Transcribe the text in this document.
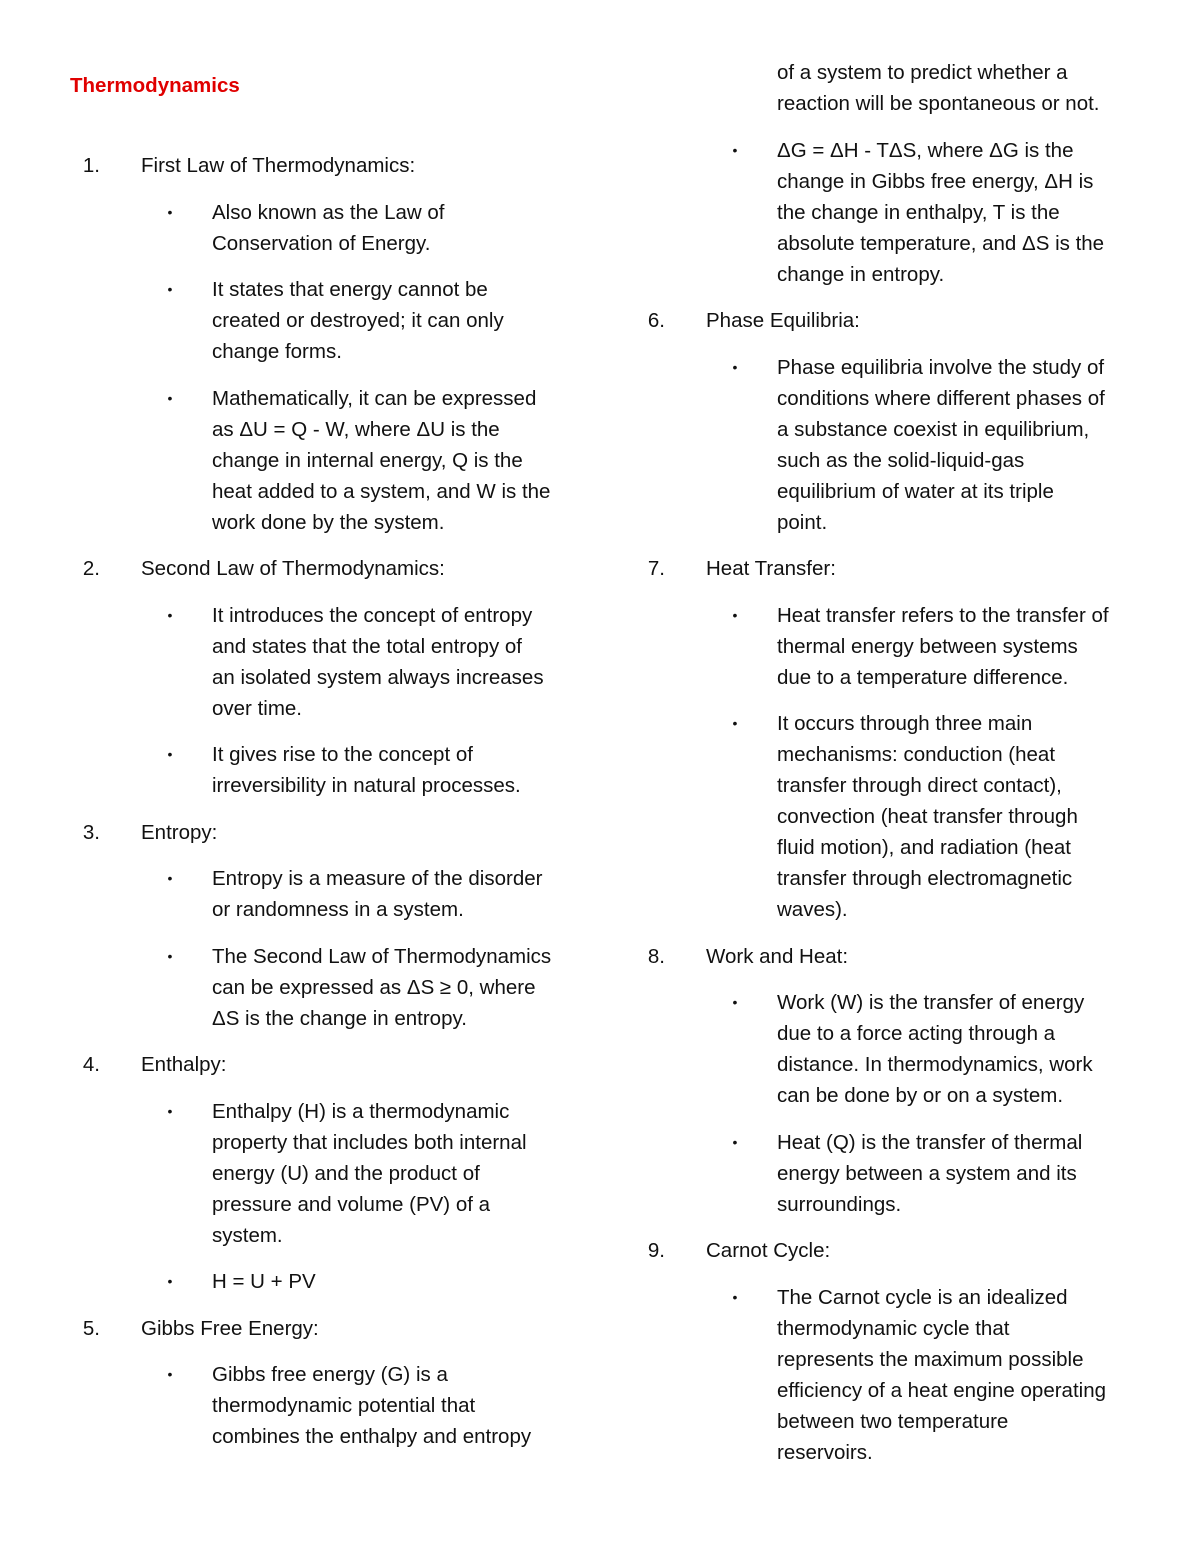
Thermodynamics
1. First Law of Thermodynamics:
• Also known as the Law of
Conservation of Energy.
• It states that energy cannot be
created or destroyed; it can only
change forms.
• Mathematically, it can be expressed
as ΔU = Q - W, where ΔU is the
change in internal energy, Q is the
heat added to a system, and W is the
work done by the system.
2. Second Law of Thermodynamics:
• It introduces the concept of entropy
and states that the total entropy of
an isolated system always increases
over time.
• It gives rise to the concept of
irreversibility in natural processes.
3. Entropy:
• Entropy is a measure of the disorder
or randomness in a system.
• The Second Law of Thermodynamics
can be expressed as ΔS ≥ 0, where
ΔS is the change in entropy.
4. Enthalpy:
• Enthalpy (H) is a thermodynamic
property that includes both internal
energy (U) and the product of
pressure and volume (PV) of a
system.
• H = U + PV
5. Gibbs Free Energy:
• Gibbs free energy (G) is a
thermodynamic potential that
combines the enthalpy and entropy
of a system to predict whether a
reaction will be spontaneous or not.
• ΔG = ΔH - TΔS, where ΔG is the
change in Gibbs free energy, ΔH is
the change in enthalpy, T is the
absolute temperature, and ΔS is the
change in entropy.
6. Phase Equilibria:
• Phase equilibria involve the study of
conditions where different phases of
a substance coexist in equilibrium,
such as the solid-liquid-gas
equilibrium of water at its triple
point.
7. Heat Transfer:
• Heat transfer refers to the transfer of
thermal energy between systems
due to a temperature difference.
• It occurs through three main
mechanisms: conduction (heat
transfer through direct contact),
convection (heat transfer through
fluid motion), and radiation (heat
transfer through electromagnetic
waves).
8. Work and Heat:
• Work (W) is the transfer of energy
due to a force acting through a
distance. In thermodynamics, work
can be done by or on a system.
• Heat (Q) is the transfer of thermal
energy between a system and its
surroundings.
9. Carnot Cycle:
• The Carnot cycle is an idealized
thermodynamic cycle that
represents the maximum possible
efficiency of a heat engine operating
between two temperature
reservoirs.
